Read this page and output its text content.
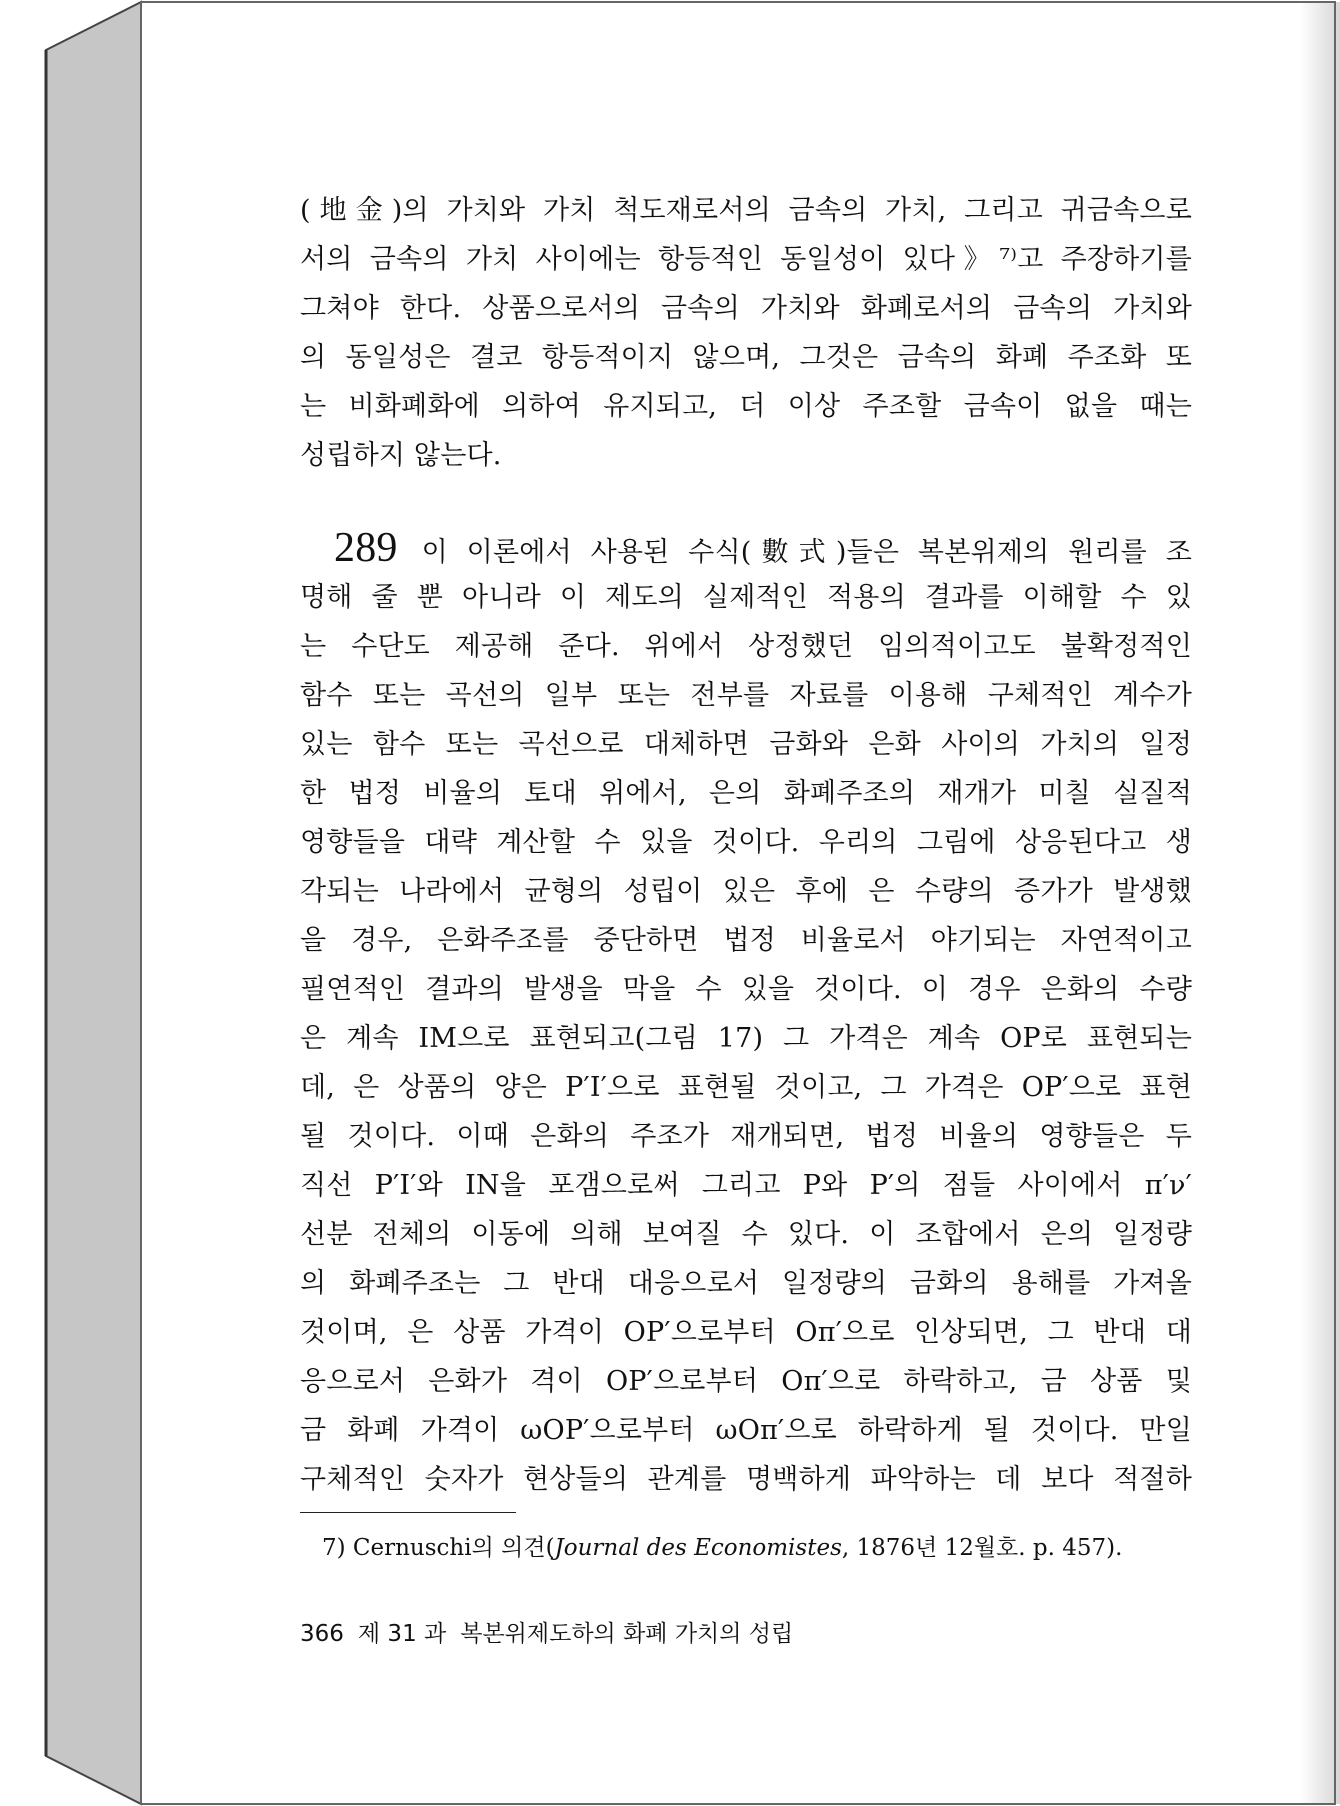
(地金)의 가치와 가치 척도재로서의 금속의 가치, 그리고 귀금속으로
서의 금속의 가치 사이에는 항등적인 동일성이 있다》⁷⁾고 주장하기를
그쳐야 한다. 상품으로서의 금속의 가치와 화폐로서의 금속의 가치와
의 동일성은 결코 항등적이지 않으며, 그것은 금속의 화폐 주조화 또
는 비화폐화에 의하여 유지되고, 더 이상 주조할 금속이 없을 때는
성립하지 않는다.
289 이 이론에서 사용된 수식(數式)들은 복본위제의 원리를 조
명해 줄 뿐 아니라 이 제도의 실제적인 적용의 결과를 이해할 수 있
는 수단도 제공해 준다. 위에서 상정했던 임의적이고도 불확정적인
함수 또는 곡선의 일부 또는 전부를 자료를 이용해 구체적인 계수가
있는 함수 또는 곡선으로 대체하면 금화와 은화 사이의 가치의 일정
한 법정 비율의 토대 위에서, 은의 화폐주조의 재개가 미칠 실질적
영향들을 대략 계산할 수 있을 것이다. 우리의 그림에 상응된다고 생
각되는 나라에서 균형의 성립이 있은 후에 은 수량의 증가가 발생했
을 경우, 은화주조를 중단하면 법정 비율로서 야기되는 자연적이고
필연적인 결과의 발생을 막을 수 있을 것이다. 이 경우 은화의 수량
은 계속 IM으로 표현되고(그림 17) 그 가격은 계속 OP로 표현되는
데, 은 상품의 양은 P′I′으로 표현될 것이고, 그 가격은 OP′으로 표현
될 것이다. 이때 은화의 주조가 재개되면, 법정 비율의 영향들은 두
직선 P′I′와 IN을 포갬으로써 그리고 P와 P′의 점들 사이에서 π′ν′
선분 전체의 이동에 의해 보여질 수 있다. 이 조합에서 은의 일정량
의 화폐주조는 그 반대 대응으로서 일정량의 금화의 용해를 가져올
것이며, 은 상품 가격이 OP′으로부터 Oπ′으로 인상되면, 그 반대 대
응으로서 은화가 격이 OP′으로부터 Oπ′으로 하락하고, 금 상품 및
금 화폐 가격이 ωOP′으로부터 ωOπ′으로 하락하게 될 것이다. 만일
구체적인 숫자가 현상들의 관계를 명백하게 파악하는 데 보다 적절하
7) Cernuschi의 의견(Journal des Economistes, 1876년 12월호. p. 457).
366 제 31 과 복본위제도하의 화폐 가치의 성립
